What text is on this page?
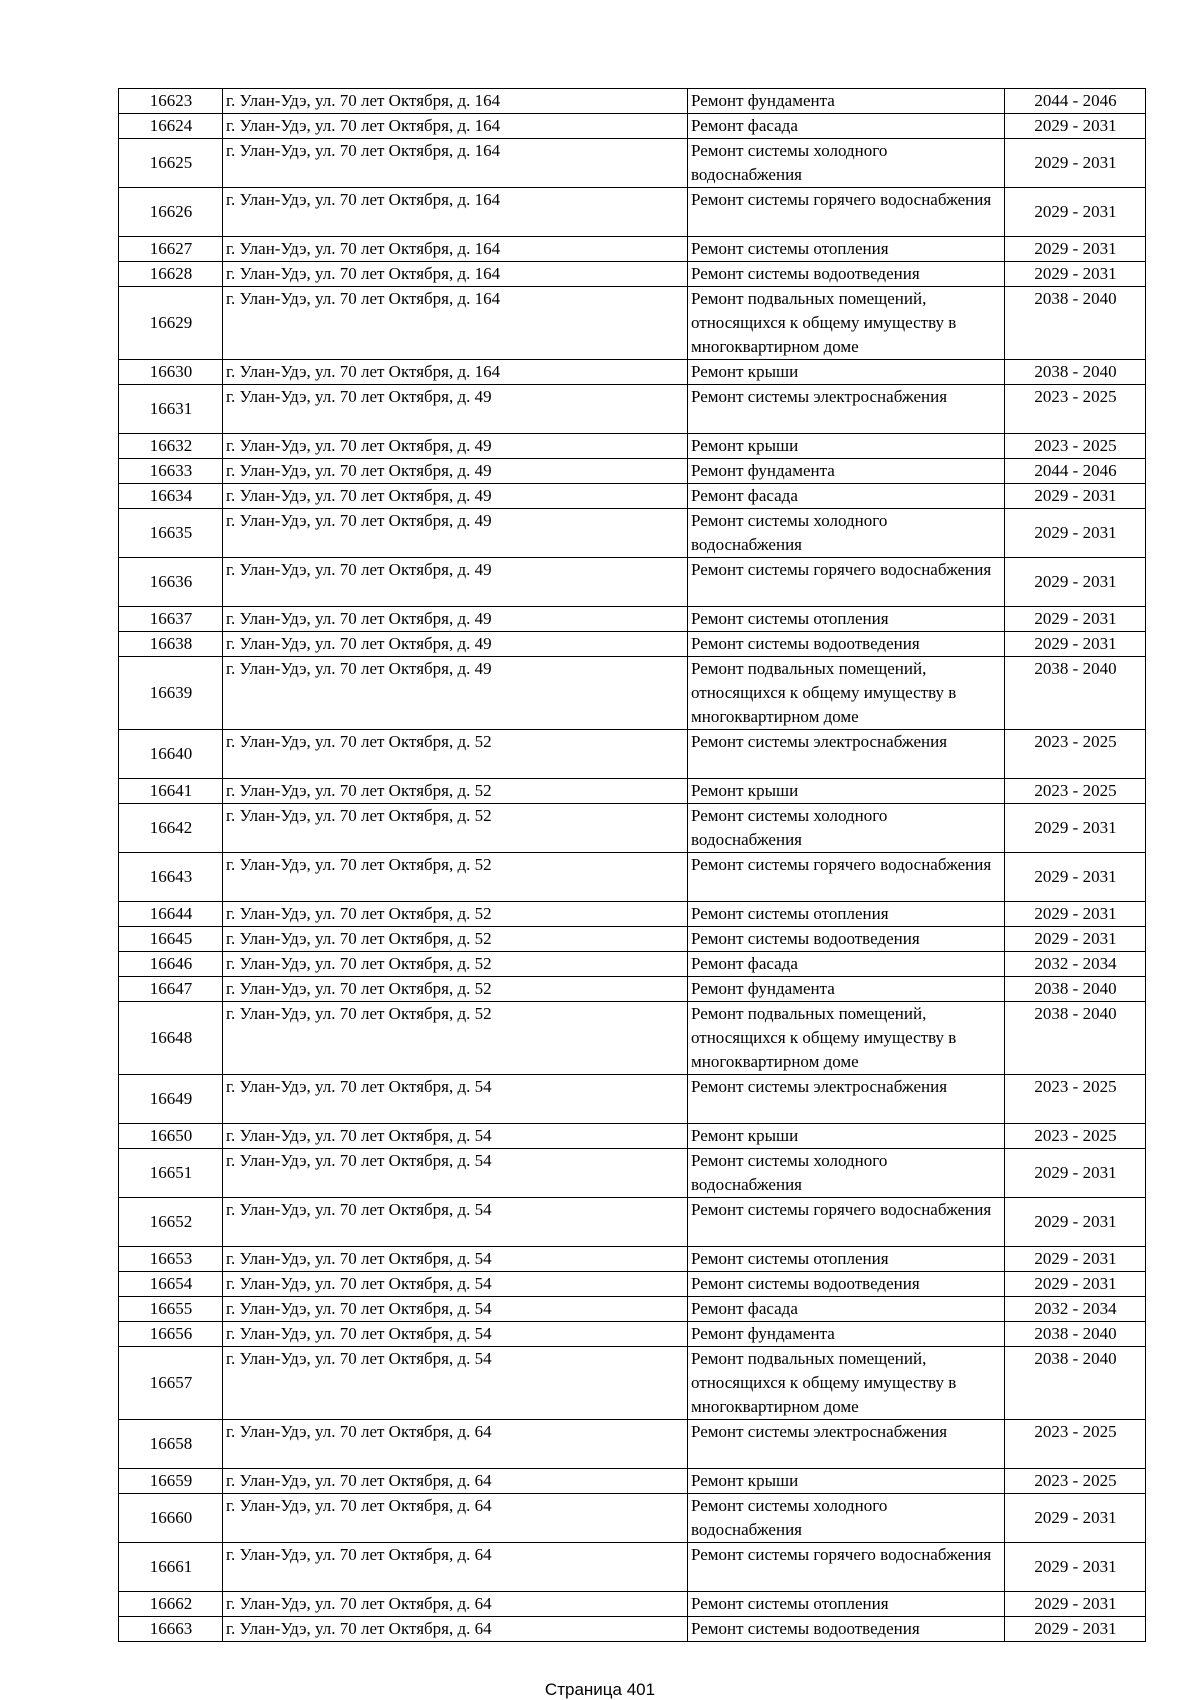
16623	г. Улан-Удэ, ул. 70 лет Октября, д. 164	Ремонт фундамента	2044 - 2046
16624	г. Улан-Удэ, ул. 70 лет Октября, д. 164	Ремонт фасада	2029 - 2031
16625	г. Улан-Удэ, ул. 70 лет Октября, д. 164	Ремонт системы холодного водоснабжения	2029 - 2031
16626	г. Улан-Удэ, ул. 70 лет Октября, д. 164	Ремонт системы горячего водоснабжения	2029 - 2031
16627	г. Улан-Удэ, ул. 70 лет Октября, д. 164	Ремонт системы отопления	2029 - 2031
16628	г. Улан-Удэ, ул. 70 лет Октября, д. 164	Ремонт системы водоотведения	2029 - 2031
16629	г. Улан-Удэ, ул. 70 лет Октября, д. 164	Ремонт подвальных помещений, относящихся к общему имуществу в многоквартирном доме	2038 - 2040
16630	г. Улан-Удэ, ул. 70 лет Октября, д. 164	Ремонт крыши	2038 - 2040
16631	г. Улан-Удэ, ул. 70 лет Октября, д. 49	Ремонт системы электроснабжения	2023 - 2025
16632	г. Улан-Удэ, ул. 70 лет Октября, д. 49	Ремонт крыши	2023 - 2025
16633	г. Улан-Удэ, ул. 70 лет Октября, д. 49	Ремонт фундамента	2044 - 2046
16634	г. Улан-Удэ, ул. 70 лет Октября, д. 49	Ремонт фасада	2029 - 2031
16635	г. Улан-Удэ, ул. 70 лет Октября, д. 49	Ремонт системы холодного водоснабжения	2029 - 2031
16636	г. Улан-Удэ, ул. 70 лет Октября, д. 49	Ремонт системы горячего водоснабжения	2029 - 2031
16637	г. Улан-Удэ, ул. 70 лет Октября, д. 49	Ремонт системы отопления	2029 - 2031
16638	г. Улан-Удэ, ул. 70 лет Октября, д. 49	Ремонт системы водоотведения	2029 - 2031
16639	г. Улан-Удэ, ул. 70 лет Октября, д. 49	Ремонт подвальных помещений, относящихся к общему имуществу в многоквартирном доме	2038 - 2040
16640	г. Улан-Удэ, ул. 70 лет Октября, д. 52	Ремонт системы электроснабжения	2023 - 2025
16641	г. Улан-Удэ, ул. 70 лет Октября, д. 52	Ремонт крыши	2023 - 2025
16642	г. Улан-Удэ, ул. 70 лет Октября, д. 52	Ремонт системы холодного водоснабжения	2029 - 2031
16643	г. Улан-Удэ, ул. 70 лет Октября, д. 52	Ремонт системы горячего водоснабжения	2029 - 2031
16644	г. Улан-Удэ, ул. 70 лет Октября, д. 52	Ремонт системы отопления	2029 - 2031
16645	г. Улан-Удэ, ул. 70 лет Октября, д. 52	Ремонт системы водоотведения	2029 - 2031
16646	г. Улан-Удэ, ул. 70 лет Октября, д. 52	Ремонт фасада	2032 - 2034
16647	г. Улан-Удэ, ул. 70 лет Октября, д. 52	Ремонт фундамента	2038 - 2040
16648	г. Улан-Удэ, ул. 70 лет Октября, д. 52	Ремонт подвальных помещений, относящихся к общему имуществу в многоквартирном доме	2038 - 2040
16649	г. Улан-Удэ, ул. 70 лет Октября, д. 54	Ремонт системы электроснабжения	2023 - 2025
16650	г. Улан-Удэ, ул. 70 лет Октября, д. 54	Ремонт крыши	2023 - 2025
16651	г. Улан-Удэ, ул. 70 лет Октября, д. 54	Ремонт системы холодного водоснабжения	2029 - 2031
16652	г. Улан-Удэ, ул. 70 лет Октября, д. 54	Ремонт системы горячего водоснабжения	2029 - 2031
16653	г. Улан-Удэ, ул. 70 лет Октября, д. 54	Ремонт системы отопления	2029 - 2031
16654	г. Улан-Удэ, ул. 70 лет Октября, д. 54	Ремонт системы водоотведения	2029 - 2031
16655	г. Улан-Удэ, ул. 70 лет Октября, д. 54	Ремонт фасада	2032 - 2034
16656	г. Улан-Удэ, ул. 70 лет Октября, д. 54	Ремонт фундамента	2038 - 2040
16657	г. Улан-Удэ, ул. 70 лет Октября, д. 54	Ремонт подвальных помещений, относящихся к общему имуществу в многоквартирном доме	2038 - 2040
16658	г. Улан-Удэ, ул. 70 лет Октября, д. 64	Ремонт системы электроснабжения	2023 - 2025
16659	г. Улан-Удэ, ул. 70 лет Октября, д. 64	Ремонт крыши	2023 - 2025
16660	г. Улан-Удэ, ул. 70 лет Октября, д. 64	Ремонт системы холодного водоснабжения	2029 - 2031
16661	г. Улан-Удэ, ул. 70 лет Октября, д. 64	Ремонт системы горячего водоснабжения	2029 - 2031
16662	г. Улан-Удэ, ул. 70 лет Октября, д. 64	Ремонт системы отопления	2029 - 2031
16663	г. Улан-Удэ, ул. 70 лет Октября, д. 64	Ремонт системы водоотведения	2029 - 2031
Страница 401
